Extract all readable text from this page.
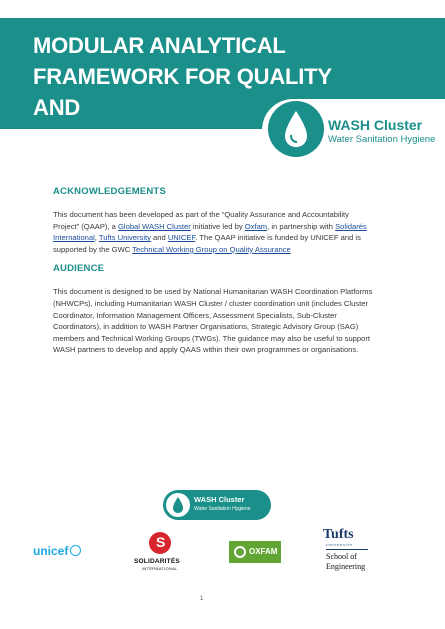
MODULAR ANALYTICAL
FRAMEWORK FOR QUALITY AND
ACCOUNTABILITY
WASH Cluster
Water Sanitation Hygiene
ACKNOWLEDGEMENTS

This document has been developed as part of the “Quality Assurance and Accountability Project” (QAAP), a Global WASH Cluster initiative led by Oxfam, in partnership with Solidarés International, Tufts University and UNICEF. The QAAP initiative is funded by UNICEF and is supported by the GWC Technical Working Group on Quality Assurance

AUDIENCE

This document is designed to be used by National Humanitarian WASH Coordination Platforms (NHWCPs), including Humanitarian WASH Cluster / cluster coordination unit (includes Cluster Coordinator, Information Management Officers, Assessment Specialists, Sub-Cluster Coordinators), in addition to WASH Partner Organisations, Strategic Advisory Group (SAG) members and Technical Working Groups (TWGs). The guidance may also be useful to support WASH partners to develop and apply QAAS within their own programmes or organisations.

WASH Cluster
Water Sanitation Hygiene
unicef
S
SOLIDARITÉS
INTERNATIONAL
OXFAM
Tufts
UNIVERSITY
School of
Engineering
1
